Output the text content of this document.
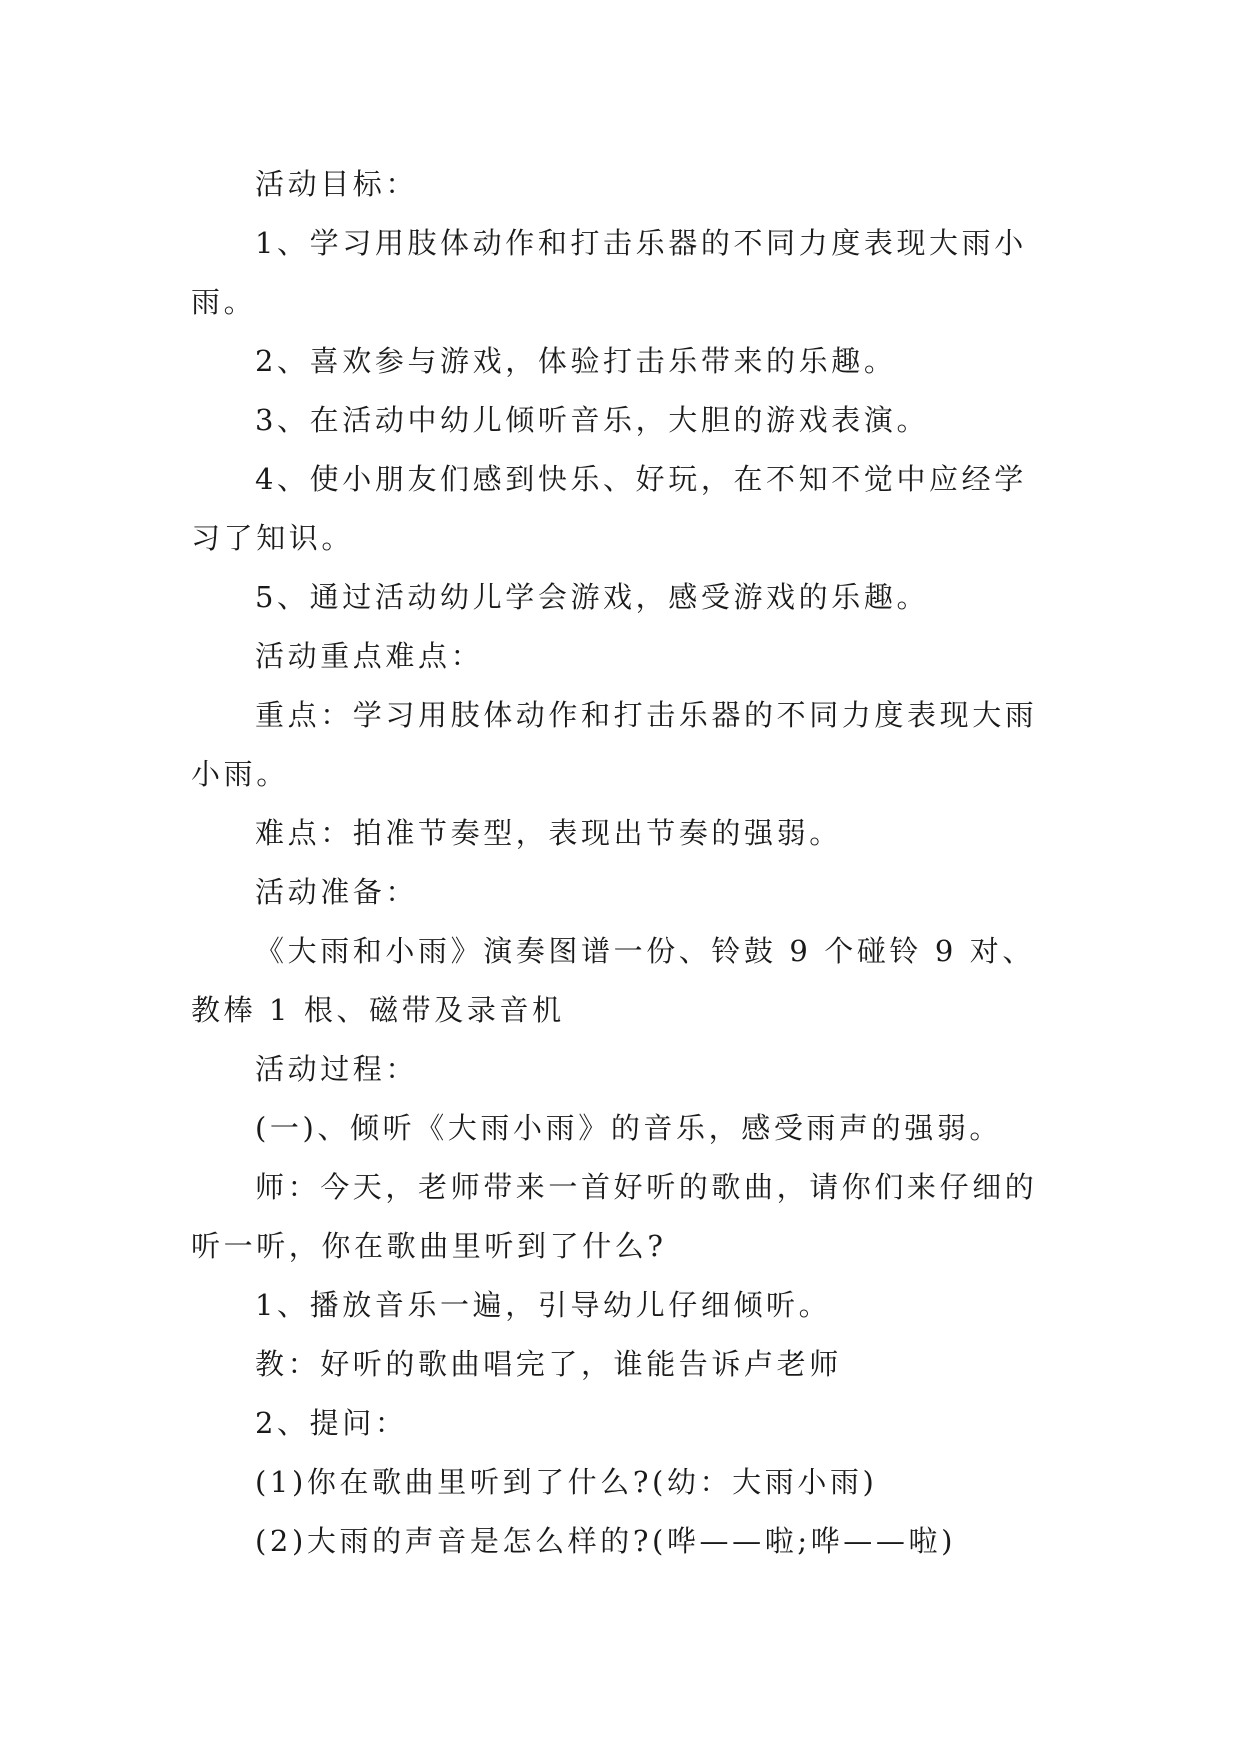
活动目标：

1、学习用肢体动作和打击乐器的不同力度表现大雨小雨。

2、喜欢参与游戏，体验打击乐带来的乐趣。

3、在活动中幼儿倾听音乐，大胆的游戏表演。

4、使小朋友们感到快乐、好玩，在不知不觉中应经学习了知识。

5、通过活动幼儿学会游戏，感受游戏的乐趣。

活动重点难点：

重点：学习用肢体动作和打击乐器的不同力度表现大雨小雨。

难点：拍准节奏型，表现出节奏的强弱。

活动准备：

《大雨和小雨》演奏图谱一份、铃鼓 9 个碰铃 9 对、教棒 1 根、磁带及录音机

活动过程：

(一)、倾听《大雨小雨》的音乐，感受雨声的强弱。

师：今天，老师带来一首好听的歌曲，请你们来仔细的听一听，你在歌曲里听到了什么?

1、播放音乐一遍，引导幼儿仔细倾听。

教：好听的歌曲唱完了，谁能告诉卢老师

2、提问：

(1)你在歌曲里听到了什么?(幼：大雨小雨)

(2)大雨的声音是怎么样的?(哗——啦;哗——啦)
